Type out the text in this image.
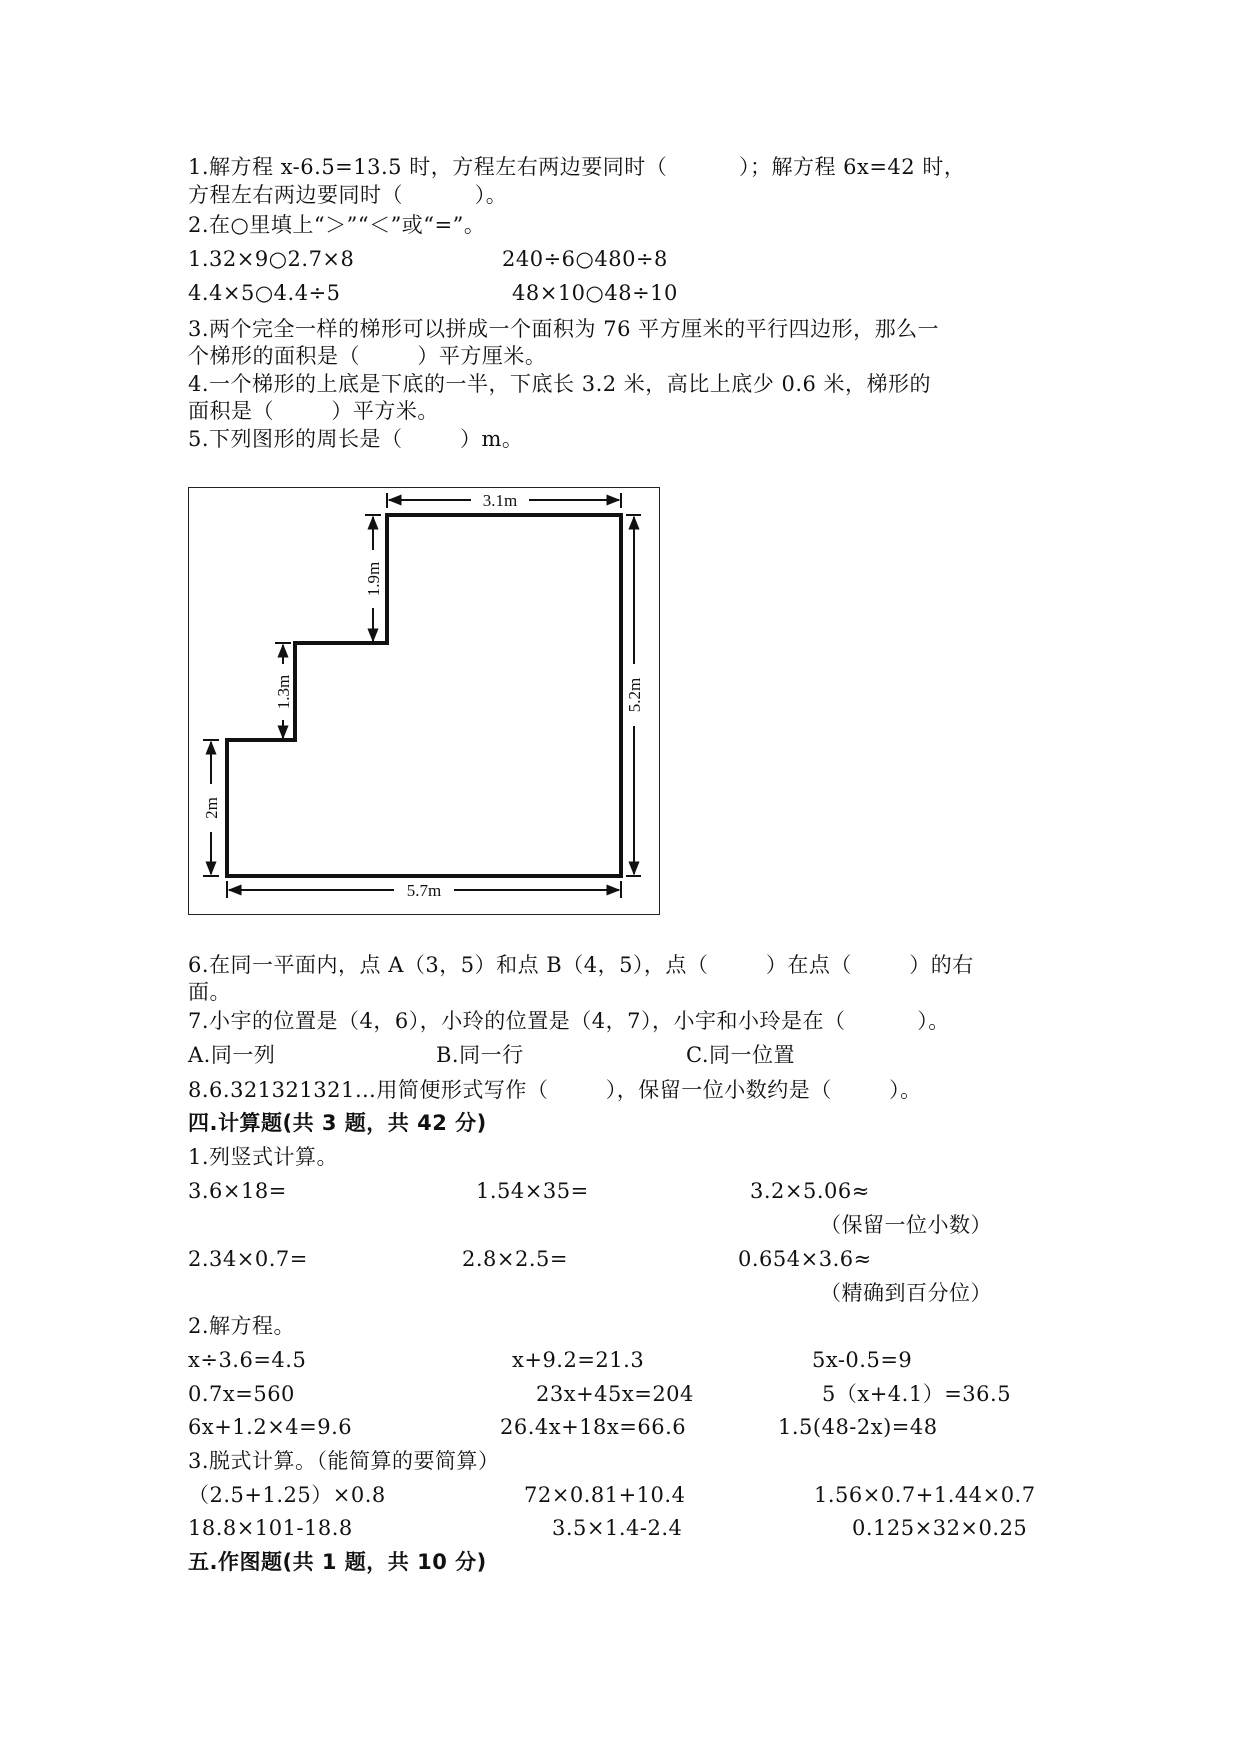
1.解方程 x-6.5=13.5 时，方程左右两边要同时（          ）；解方程 6x=42 时，
方程左右两边要同时（          ）。
2.在○里填上“＞”“＜”或“=”。
1.32×9○2.7×8	240÷6○480÷8
4.4×5○4.4÷5	48×10○48÷10
3.两个完全一样的梯形可以拼成一个面积为 76 平方厘米的平行四边形，那么一
个梯形的面积是（        ）平方厘米。
4.一个梯形的上底是下底的一半，下底长 3.2 米，高比上底少 0.6 米，梯形的
面积是（        ）平方米。
5.下列图形的周长是（        ）m。
3.1m
1.9m
1.3m
2m
5.2m
5.7m
6.在同一平面内，点 A（3，5）和点 B（4，5），点（        ）在点（        ）的右
面。
7.小宇的位置是（4，6），小玲的位置是（4，7），小宇和小玲是在（          ）。
A.同一列	B.同一行	C.同一位置
8.6.321321321…用简便形式写作（        ），保留一位小数约是（        ）。
四.计算题(共 3 题，共 42 分)
1.列竖式计算。
3.6×18=	1.54×35=	3.2×5.06≈
（保留一位小数）
2.34×0.7=	2.8×2.5=	0.654×3.6≈
（精确到百分位）
2.解方程。
x÷3.6=4.5	x+9.2=21.3	5x-0.5=9
0.7x=560	23x+45x=204	5（x+4.1）=36.5
6x+1.2×4=9.6	26.4x+18x=66.6	1.5(48-2x)=48
3.脱式计算。（能简算的要简算）
（2.5+1.25）×0.8	72×0.81+10.4	1.56×0.7+1.44×0.7
18.8×101-18.8	3.5×1.4-2.4	0.125×32×0.25
五.作图题(共 1 题，共 10 分)
